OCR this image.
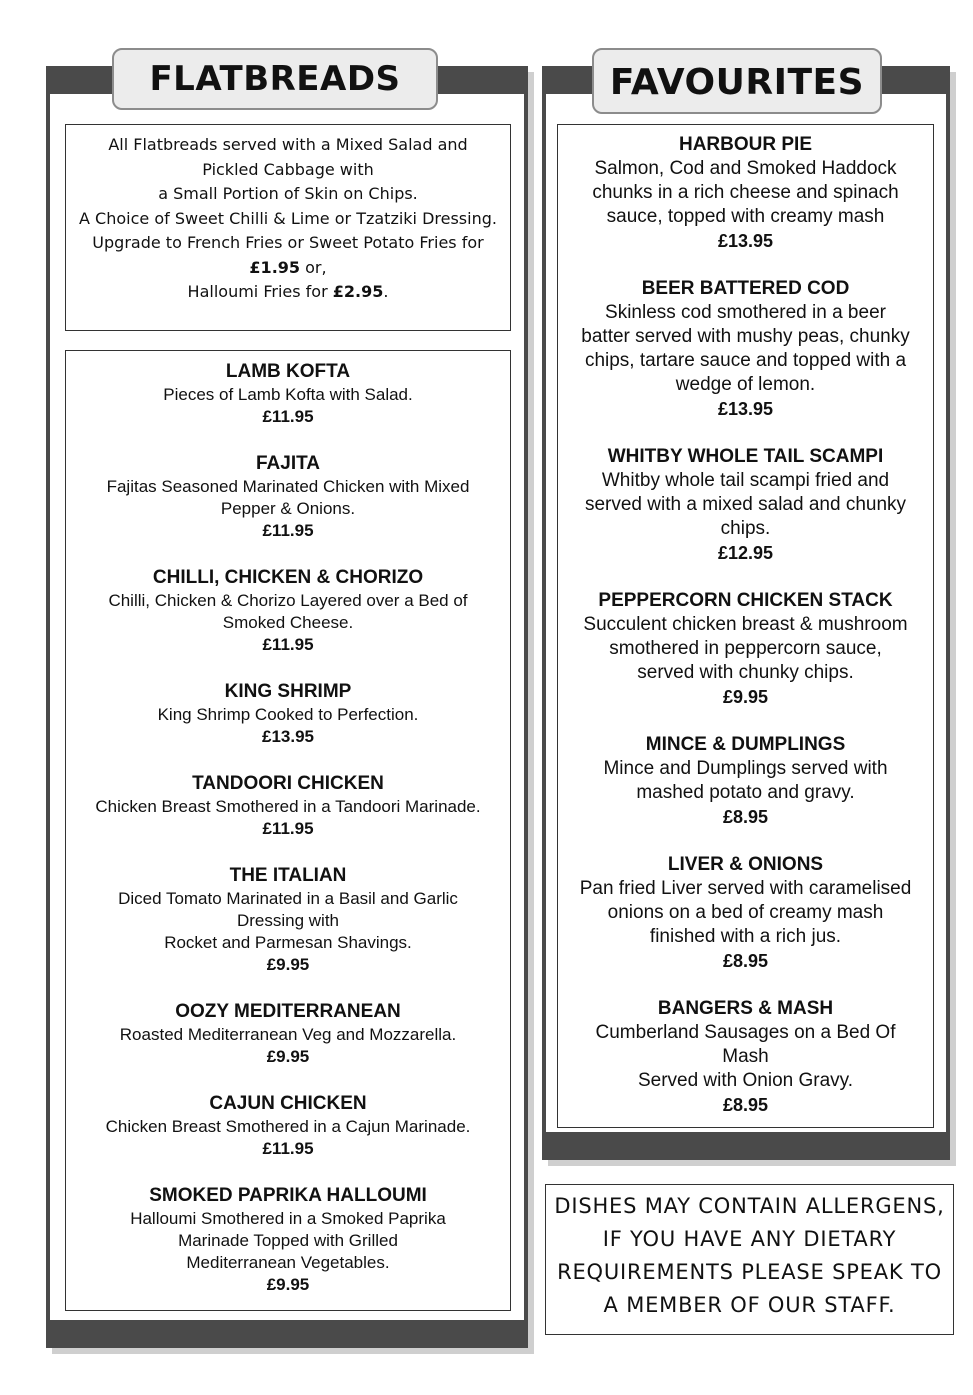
FLATBREADS
All Flatbreads served with a Mixed Salad and
Pickled Cabbage with
a Small Portion of Skin on Chips.
A Choice of Sweet Chilli & Lime or Tzatziki Dressing.
Upgrade to French Fries or Sweet Potato Fries for
£1.95 or,
Halloumi Fries for £2.95.
LAMB KOFTA
Pieces of Lamb Kofta with Salad.
£11.95
FAJITA
Fajitas Seasoned Marinated Chicken with Mixed
Pepper & Onions.
£11.95
CHILLI, CHICKEN & CHORIZO
Chilli, Chicken & Chorizo Layered over a Bed of
Smoked Cheese.
£11.95
KING SHRIMP
King Shrimp Cooked to Perfection.
£13.95
TANDOORI CHICKEN
Chicken Breast Smothered in a Tandoori Marinade.
£11.95
THE ITALIAN
Diced Tomato Marinated in a Basil and Garlic
Dressing with
Rocket and Parmesan Shavings.
£9.95
OOZY MEDITERRANEAN
Roasted Mediterranean Veg and Mozzarella.
£9.95
CAJUN CHICKEN
Chicken Breast Smothered in a Cajun Marinade.
£11.95
SMOKED PAPRIKA HALLOUMI
Halloumi Smothered in a Smoked Paprika
Marinade Topped with Grilled
Mediterranean Vegetables.
£9.95
FAVOURITES
HARBOUR PIE
Salmon, Cod and Smoked Haddock
chunks in a rich cheese and spinach
sauce, topped with creamy mash
£13.95
BEER BATTERED COD
Skinless cod smothered in a beer
batter served with mushy peas, chunky
chips, tartare sauce and topped with a
wedge of lemon.
£13.95
WHITBY WHOLE TAIL SCAMPI
Whitby whole tail scampi fried and
served with a mixed salad and chunky
chips.
£12.95
PEPPERCORN CHICKEN STACK
Succulent chicken breast & mushroom
smothered in peppercorn sauce,
served with chunky chips.
£9.95
MINCE & DUMPLINGS
Mince and Dumplings served with
mashed potato and gravy.
£8.95
LIVER & ONIONS
Pan fried Liver served with caramelised
onions on a bed of creamy mash
finished with a rich jus.
£8.95
BANGERS & MASH
Cumberland Sausages on a Bed Of
Mash
Served with Onion Gravy.
£8.95
DISHES MAY CONTAIN ALLERGENS,
IF YOU HAVE ANY DIETARY
REQUIREMENTS PLEASE SPEAK TO
A MEMBER OF OUR STAFF.
